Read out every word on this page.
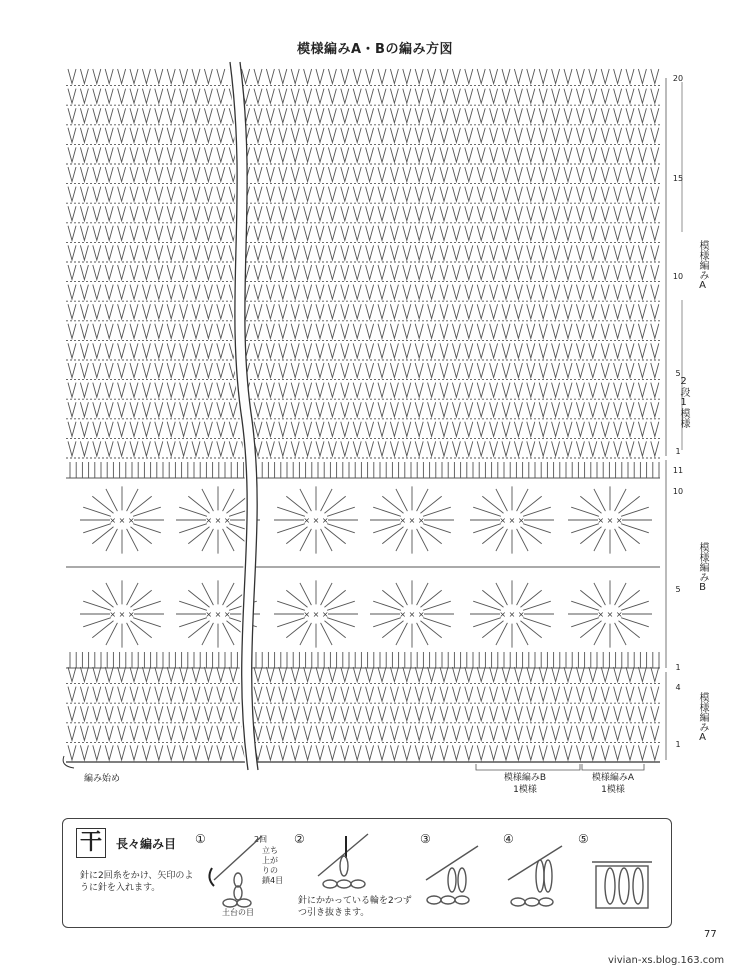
模様編みA・Bの編み方図
× × ×	× × ×	× × ×	× × ×	× × ×	× × ×
× × ×	× × ×	× × ×	× × ×	× × ×	× × ×
20
15
10
5
1
11
10
5
1
4
1
模様編みA
2段1模様
模様編みB
模様編みA
編み始め	模様編みB
1模様
模様編みA
1模様
干	長々編み目
針に2回糸をかけ、矢印のように針を入れます。
2回
立ち上がりの鎖4目
土台の目
針にかかっている輪を2つずつ引き抜きます。
①	②	③	④	⑤
77
vivian-xs.blog.163.com
